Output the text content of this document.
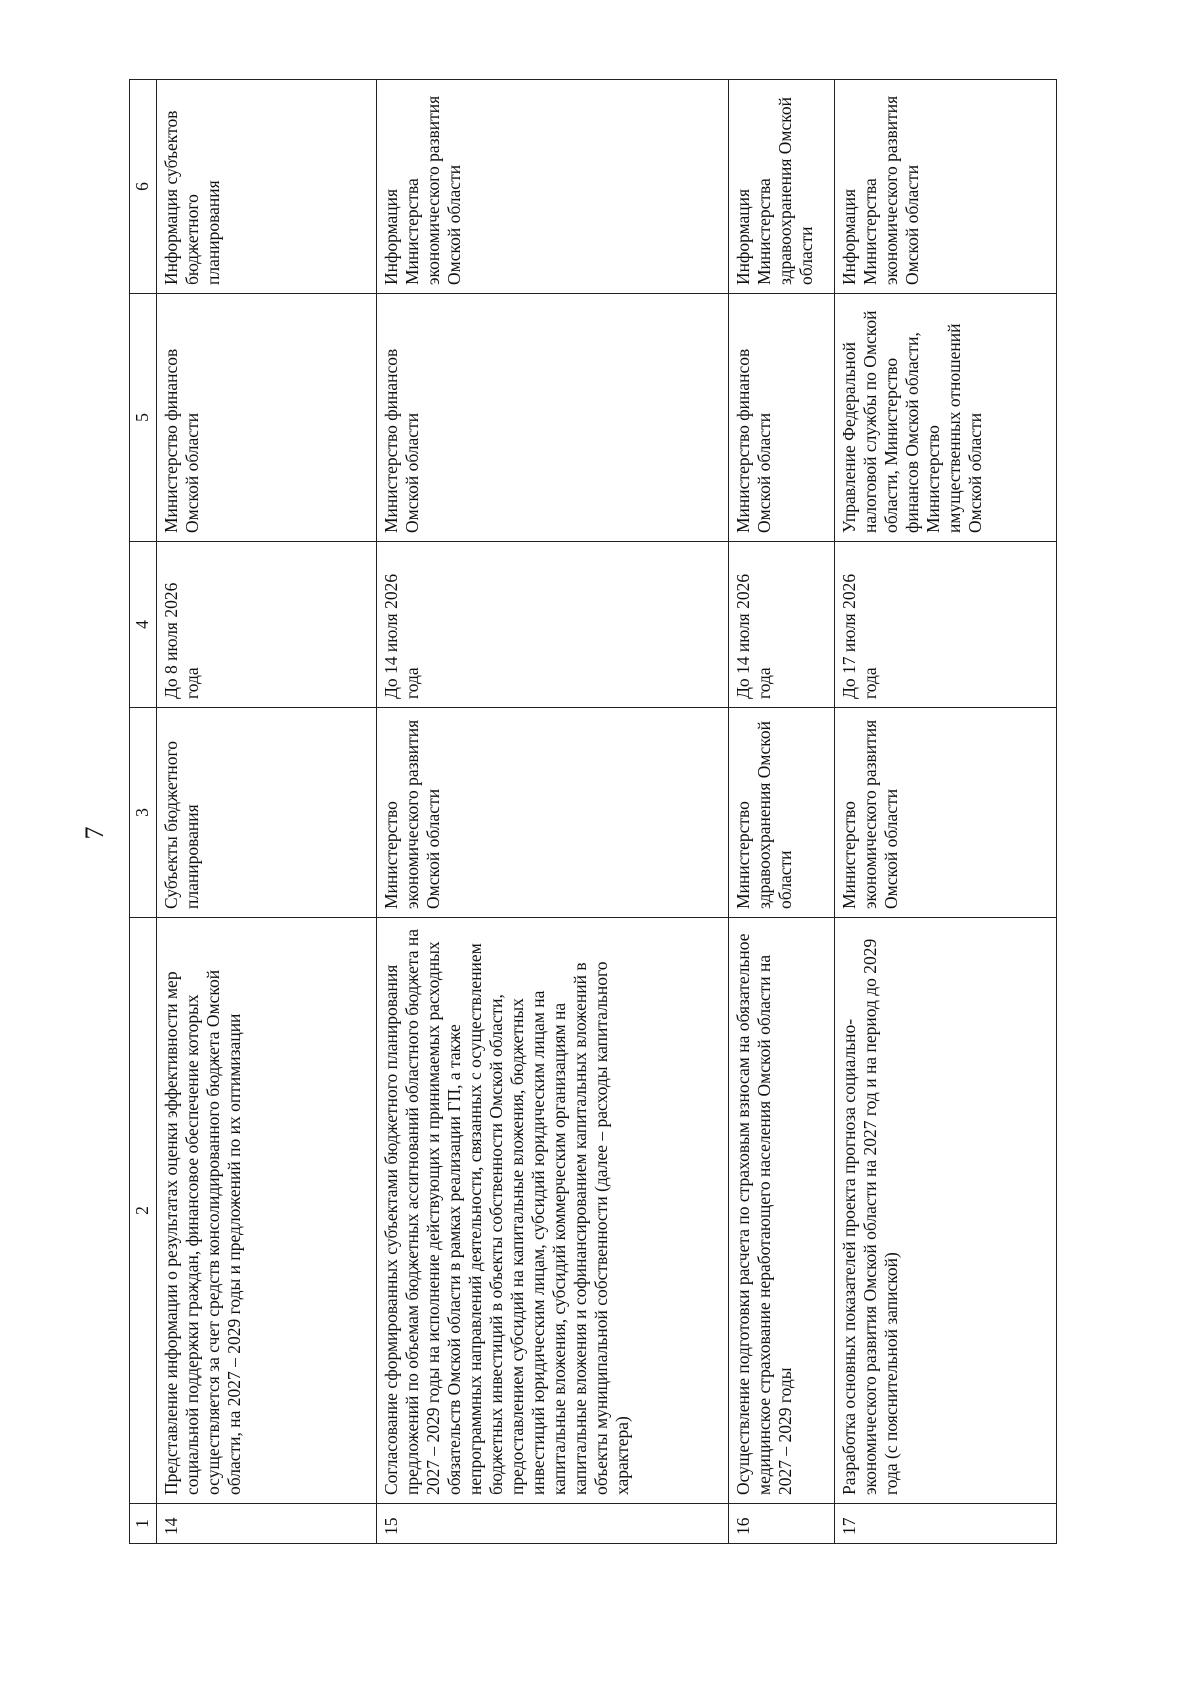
7
1	2	3	4	5	6
14	Представление информации о результатах оценки эффективности мер социальной поддержки граждан, финансовое обеспечение которых осуществляется за счет средств консолидированного бюджета Омской области, на 2027 – 2029 годы и предложений по их оптимизации	Субъекты бюджетного планирования	До 8 июля 2026 года	Министерство финансов Омской области	Информация субъектов бюджетного планирования
15	Согласование сформированных субъектами бюджетного планирования предложений по объемам бюджетных ассигнований областного бюджета на 2027 – 2029 годы на исполнение действующих и принимаемых расходных обязательств Омской области в рамках реализации ГП, а также непрограммных направлений деятельности, связанных с осуществлением бюджетных инвестиций в объекты собственности Омской области, предоставлением субсидий на капитальные вложения, бюджетных инвестиций юридическим лицам, субсидий юридическим лицам на капитальные вложения, субсидий коммерческим организациям на капитальные вложения и софинансированием капитальных вложений в объекты муниципальной собственности (далее – расходы капитального характера)	Министерство экономического развития Омской области	До 14 июля 2026 года	Министерство финансов Омской области	Информация Министерства экономического развития Омской области
16	Осуществление подготовки расчета по страховым взносам на обязательное медицинское страхование неработающего населения Омской области на 2027 – 2029 годы	Министерство здравоохранения Омской области	До 14 июля 2026 года	Министерство финансов Омской области	Информация Министерства здравоохранения Омской области
17	Разработка основных показателей проекта прогноза социально-экономического развития Омской области на 2027 год и на период до 2029 года (с пояснительной запиской)	Министерство экономического развития Омской области	До 17 июля 2026 года	Управление Федеральной налоговой службы по Омской области, Министерство финансов Омской области, Министерство имущественных отношений Омской области	Информация Министерства экономического развития Омской области
